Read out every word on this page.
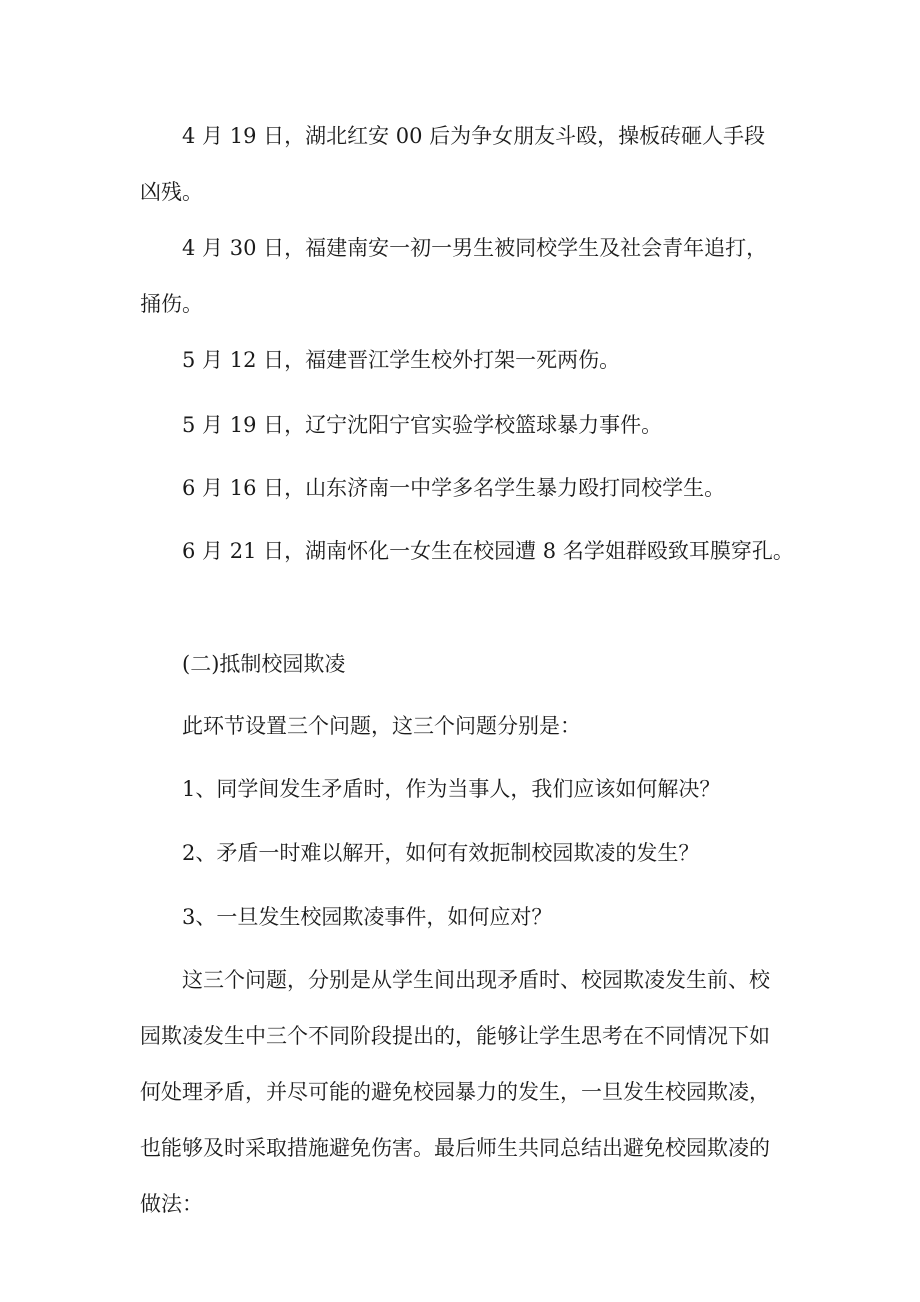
4 月 19 日，湖北红安 00 后为争女朋友斗殴，操板砖砸人手段凶残。

4 月 30 日，福建南安一初一男生被同校学生及社会青年追打，捅伤。

5 月 12 日，福建晋江学生校外打架一死两伤。

5 月 19 日，辽宁沈阳宁官实验学校篮球暴力事件。

6 月 16 日，山东济南一中学多名学生暴力殴打同校学生。

6 月 21 日，湖南怀化一女生在校园遭 8 名学姐群殴致耳膜穿孔。

(二)抵制校园欺凌

此环节设置三个问题，这三个问题分别是：

1、同学间发生矛盾时，作为当事人，我们应该如何解决？

2、矛盾一时难以解开，如何有效扼制校园欺凌的发生？

3、一旦发生校园欺凌事件，如何应对？

这三个问题，分别是从学生间出现矛盾时、校园欺凌发生前、校园欺凌发生中三个不同阶段提出的，能够让学生思考在不同情况下如何处理矛盾，并尽可能的避免校园暴力的发生，一旦发生校园欺凌，也能够及时采取措施避免伤害。最后师生共同总结出避免校园欺凌的做法：
